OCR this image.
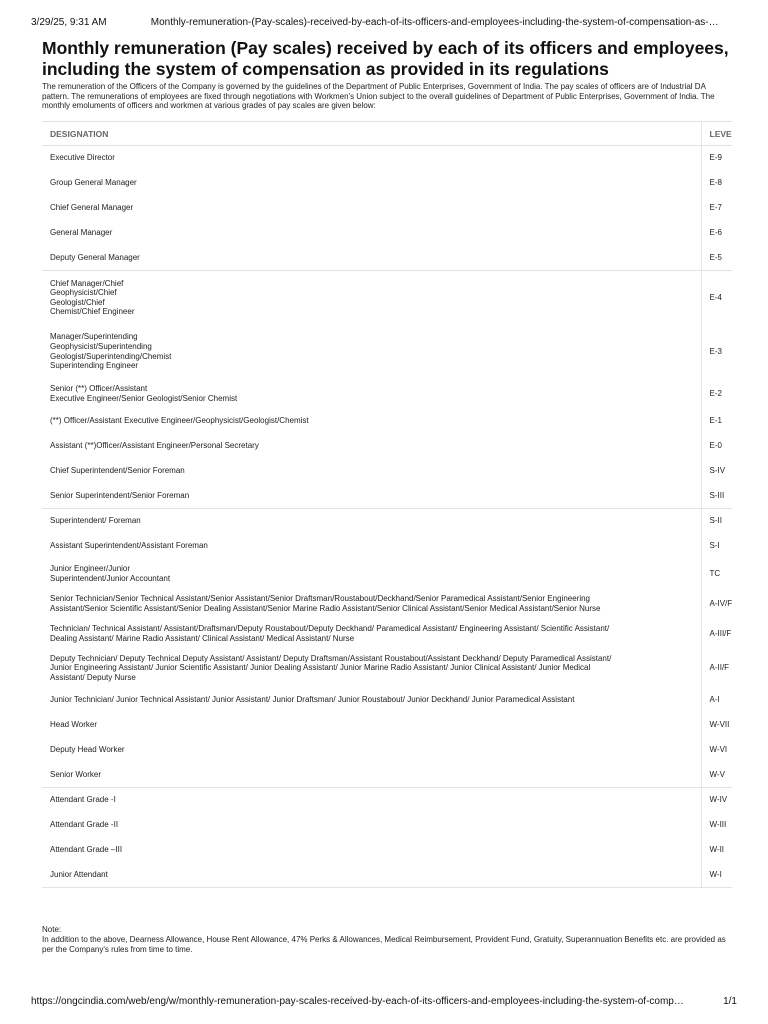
3/29/25, 9:31 AM	Monthly-remuneration-(Pay-scales)-received-by-each-of-its-officers-and-employees-including-the-system-of-compensation-as-…
Monthly remuneration (Pay scales) received by each of its officers and employees, including the system of compensation as provided in its regulations

The remuneration of the Officers of the Company is governed by the guidelines of the Department of Public Enterprises, Government of India. The pay scales of officers are of Industrial DA pattern. The remunerations of employees are fixed through negotiations with Workmen's Union subject to the overall guidelines of Department of Public Enterprises, Government of India. The monthly emoluments of officers and workmen at various grades of pay scales are given below:

DESIGNATION	LEVE
Executive Director	E-9
Group General Manager	E-8
Chief General Manager	E-7
General Manager	E-6
Deputy General Manager	E-5
Chief Manager/Chief
Geophysicist/Chief
Geologist/Chief
Chemist/Chief Engineer	E-4
Manager/Superintending
Geophysicist/Superintending
Geologist/Superintending/Chemist
Superintending Engineer	E-3
Senior (**) Officer/Assistant
Executive Engineer/Senior Geologist/Senior Chemist	E-2
(**) Officer/Assistant Executive Engineer/Geophysicist/Geologist/Chemist	E-1
Assistant (**)Officer/Assistant Engineer/Personal Secretary	E-0
Chief Superintendent/Senior Foreman	S-IV
Senior Superintendent/Senior Foreman	S-III
Superintendent/ Foreman	S-II
Assistant Superintendent/Assistant Foreman	S-I
Junior Engineer/Junior
Superintendent/Junior Accountant	TC
Senior Technician/Senior Technical Assistant/Senior Assistant/Senior Draftsman/Roustabout/Deckhand/Senior Paramedical Assistant/Senior Engineering
Assistant/Senior Scientific Assistant/Senior Dealing Assistant/Senior Marine Radio Assistant/Senior Clinical Assistant/Senior Medical Assistant/Senior Nurse	A-IV/F
Technician/ Technical Assistant/ Assistant/Draftsman/Deputy Roustabout/Deputy Deckhand/ Paramedical Assistant/ Engineering Assistant/ Scientific Assistant/
Dealing Assistant/ Marine Radio Assistant/ Clinical Assistant/ Medical Assistant/ Nurse	A-III/F
Deputy Technician/ Deputy Technical Deputy Assistant/ Assistant/ Deputy Draftsman/Assistant Roustabout/Assistant Deckhand/ Deputy Paramedical Assistant/
Junior Engineering Assistant/ Junior Scientific Assistant/ Junior Dealing Assistant/ Junior Marine Radio Assistant/ Junior Clinical Assistant/ Junior Medical
Assistant/ Deputy Nurse	A-II/F
Junior Technician/ Junior Technical Assistant/ Junior Assistant/ Junior Draftsman/ Junior Roustabout/ Junior Deckhand/ Junior Paramedical Assistant	A-I
Head Worker	W-VII
Deputy Head Worker	W-VI
Senior Worker	W-V
Attendant Grade -I	W-IV
Attendant Grade -II	W-III
Attendant Grade –III	W-II
Junior Attendant	W-I
Note:
In addition to the above, Dearness Allowance, House Rent Allowance, 47% Perks & Allowances, Medical Reimbursement, Provident Fund, Gratuity, Superannuation Benefits etc. are provided as per the Company's rules from time to time.
https://ongcindia.com/web/eng/w/monthly-remuneration-pay-scales-received-by-each-of-its-officers-and-employees-including-the-system-of-comp…	1/1
